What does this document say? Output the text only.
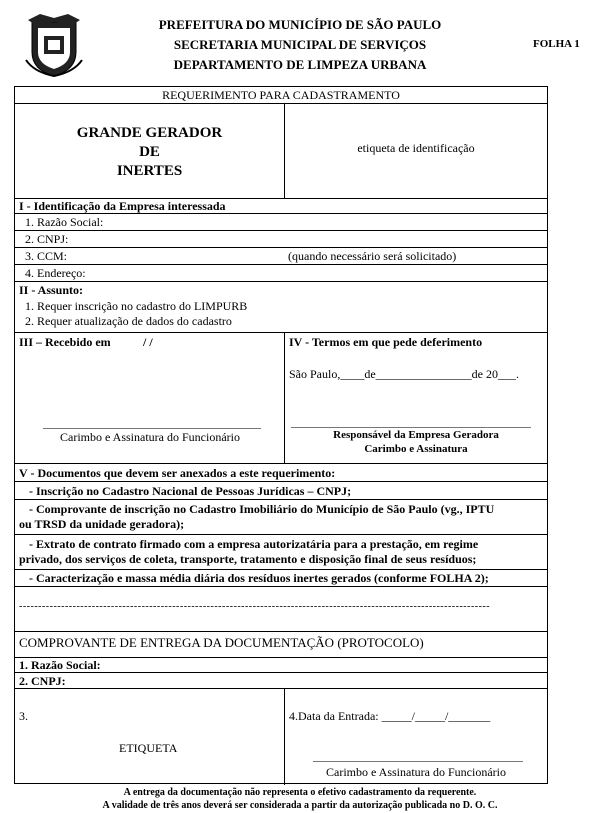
PREFEITURA DO MUNICÍPIO DE SÃO PAULO
SECRETARIA MUNICIPAL DE SERVIÇOS
DEPARTAMENTO DE LIMPEZA URBANA
FOLHA 1
REQUERIMENTO PARA CADASTRAMENTO
GRANDE GERADOR
DE
INERTES
etiqueta de identificação
I - Identificação da Empresa interessada
1. Razão Social:
2. CNPJ:
3. CCM:	(quando necessário será solicitado)
4. Endereço:
II - Assunto:
1. Requer inscrição no cadastro do LIMPURB
2. Requer atualização de dados do cadastro
III – Recebido em	/ /
Carimbo e Assinatura do Funcionário
IV - Termos em que pede deferimento
São Paulo,____de________________de 20___.
Responsável da Empresa Geradora
Carimbo e Assinatura
V - Documentos que devem ser anexados a este requerimento:
- Inscrição no Cadastro Nacional de Pessoas Jurídicas – CNPJ;
- Comprovante de inscrição no Cadastro Imobiliário do Município de São Paulo (vg., IPTU
ou TRSD da unidade geradora);
- Extrato de contrato firmado com a empresa autorizatária para a prestação, em regime
privado, dos serviços de coleta, transporte, tratamento e disposição final de seus resíduos;
- Caracterização e massa média diária dos resíduos inertes gerados (conforme FOLHA 2);
---------------------------------------------------------------------------------------------------------------------------
COMPROVANTE DE ENTREGA DA DOCUMENTAÇÃO (PROTOCOLO)
1. Razão Social:
2. CNPJ:
3.
ETIQUETA
4.Data da Entrada: _____/_____/_______
Carimbo e Assinatura do Funcionário
A entrega da documentação não representa o efetivo cadastramento da requerente.
A validade de três anos deverá ser considerada a partir da autorização publicada no D. O. C.
